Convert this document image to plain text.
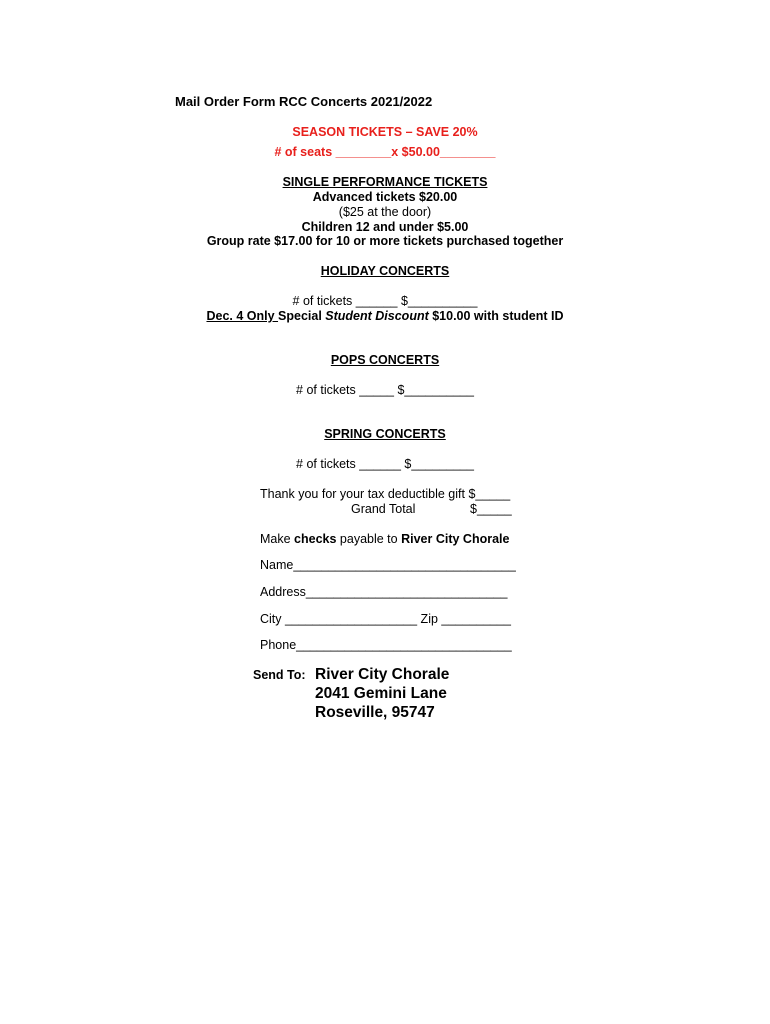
Mail Order Form RCC Concerts 2021/2022
SEASON TICKETS – SAVE 20%
# of seats ________x $50.00________
SINGLE PERFORMANCE TICKETS
Advanced tickets $20.00
($25 at the door)
Children 12 and under $5.00
Group rate $17.00 for 10 or more tickets purchased together
HOLIDAY CONCERTS
# of tickets ______ $__________
Dec. 4 Only Special Student Discount $10.00 with student ID
POPS CONCERTS
# of tickets _____ $__________
SPRING CONCERTS
# of tickets ______ $_________
Thank you for your tax deductible gift $_____
Grand Total	$_____
Make checks payable to River City Chorale
Name________________________________
Address_____________________________
City ___________________ Zip __________
Phone_______________________________
Send To: River City Chorale
2041 Gemini Lane
Roseville, 95747
